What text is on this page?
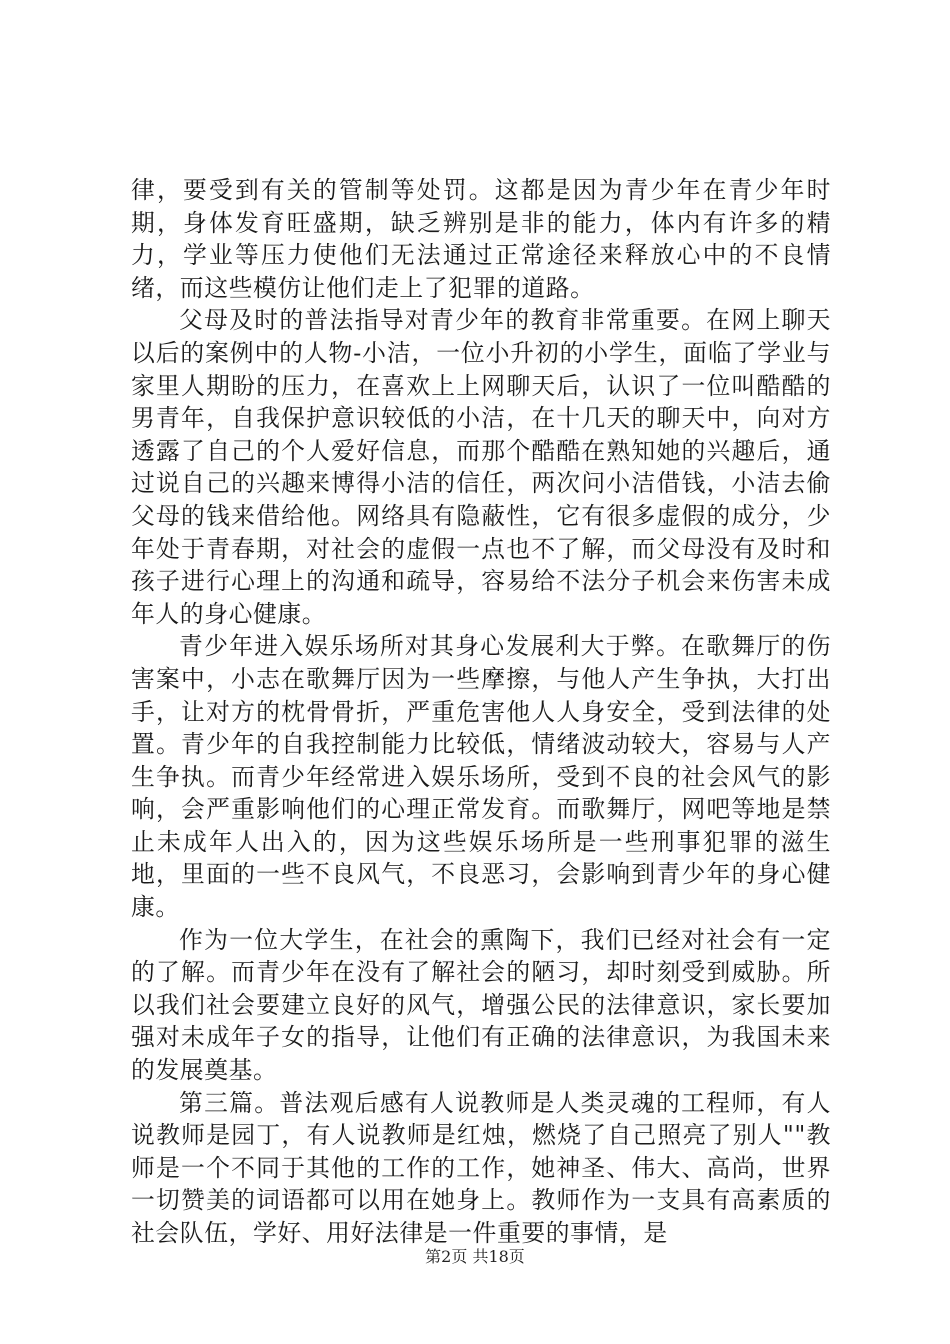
律，要受到有关的管制等处罚。这都是因为青少年在青少年时期，身体发育旺盛期，缺乏辨别是非的能力，体内有许多的精力，学业等压力使他们无法通过正常途径来释放心中的不良情绪，而这些模仿让他们走上了犯罪的道路。

父母及时的普法指导对青少年的教育非常重要。在网上聊天以后的案例中的人物-小洁，一位小升初的小学生，面临了学业与家里人期盼的压力，在喜欢上上网聊天后，认识了一位叫酷酷的男青年，自我保护意识较低的小洁，在十几天的聊天中，向对方透露了自己的个人爱好信息，而那个酷酷在熟知她的兴趣后，通过说自己的兴趣来博得小洁的信任，两次问小洁借钱，小洁去偷父母的钱来借给他。网络具有隐蔽性，它有很多虚假的成分，少年处于青春期，对社会的虚假一点也不了解，而父母没有及时和孩子进行心理上的沟通和疏导，容易给不法分子机会来伤害未成年人的身心健康。

青少年进入娱乐场所对其身心发展利大于弊。在歌舞厅的伤害案中，小志在歌舞厅因为一些摩擦，与他人产生争执，大打出手，让对方的枕骨骨折，严重危害他人人身安全，受到法律的处置。青少年的自我控制能力比较低，情绪波动较大，容易与人产生争执。而青少年经常进入娱乐场所，受到不良的社会风气的影响，会严重影响他们的心理正常发育。而歌舞厅，网吧等地是禁止未成年人出入的，因为这些娱乐场所是一些刑事犯罪的滋生地，里面的一些不良风气，不良恶习，会影响到青少年的身心健康。

作为一位大学生，在社会的熏陶下，我们已经对社会有一定的了解。而青少年在没有了解社会的陋习，却时刻受到威胁。所以我们社会要建立良好的风气，增强公民的法律意识，家长要加强对未成年子女的指导，让他们有正确的法律意识，为我国未来的发展奠基。

第三篇。普法观后感有人说教师是人类灵魂的工程师，有人说教师是园丁，有人说教师是红烛，燃烧了自己照亮了别人""教师是一个不同于其他的工作的工作，她神圣、伟大、高尚，世界一切赞美的词语都可以用在她身上。教师作为一支具有高素质的社会队伍，学好、用好法律是一件重要的事情，是

第2页 共18页
